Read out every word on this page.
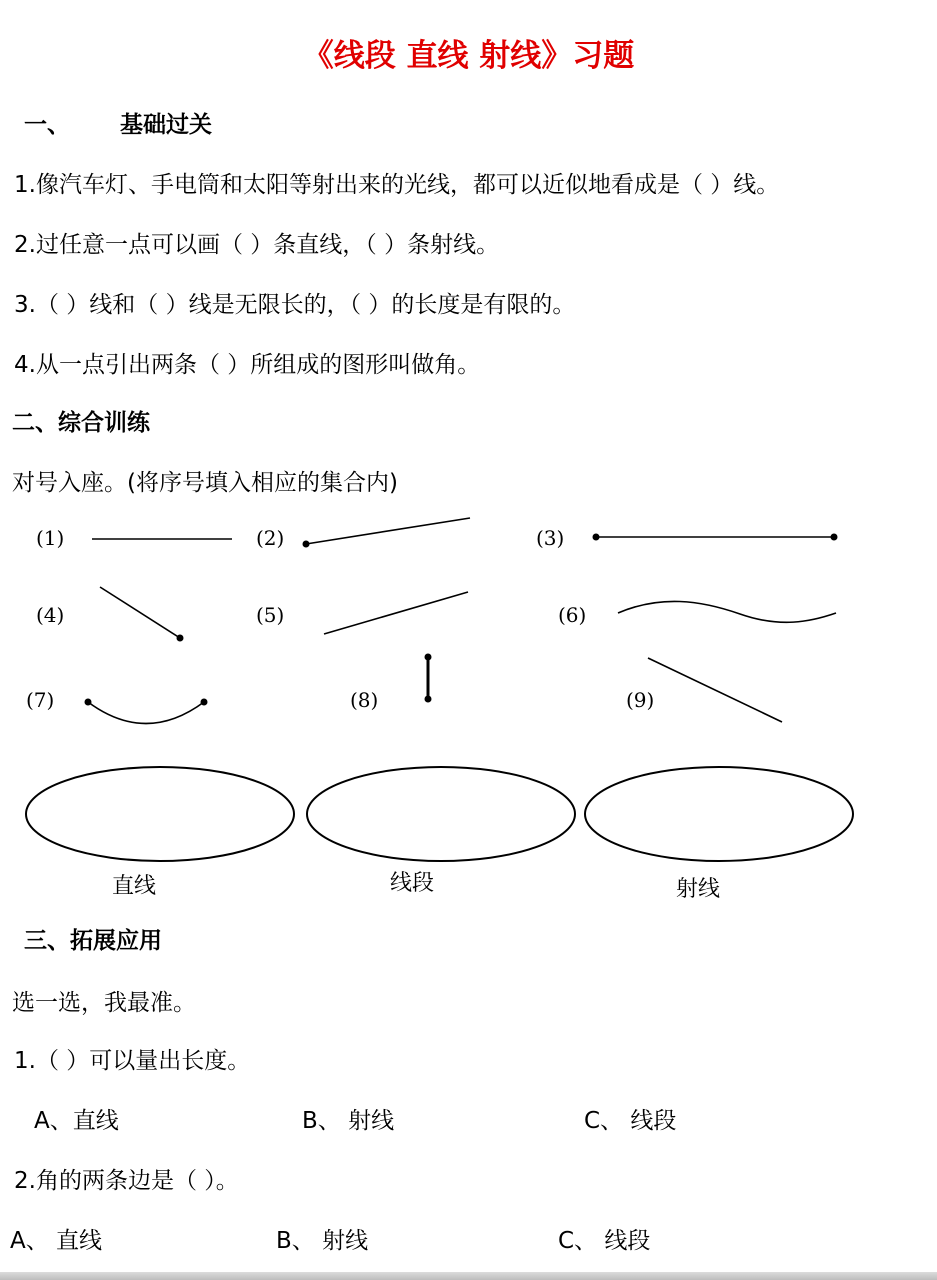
《线段 直线 射线》习题
一、 基础过关
1.像汽车灯、手电筒和太阳等射出来的光线，都可以近似地看成是（ ）线。
2.过任意一点可以画（ ）条直线，（ ）条射线。
3.（ ）线和（ ）线是无限长的，（ ）的长度是有限的。
4.从一点引出两条（ ）所组成的图形叫做角。
二、综合训练
对号入座。(将序号填入相应的集合内)
(1)	(2)	(3)
(4)	(5)	(6)
(7)	(8)	(9)
直线	线段	射线
三、拓展应用
选一选，我最准。
1.（ ）可以量出长度。
A、直线	B、 射线	C、 线段
2.角的两条边是（ ）。
A、 直线	B、 射线	C、 线段
